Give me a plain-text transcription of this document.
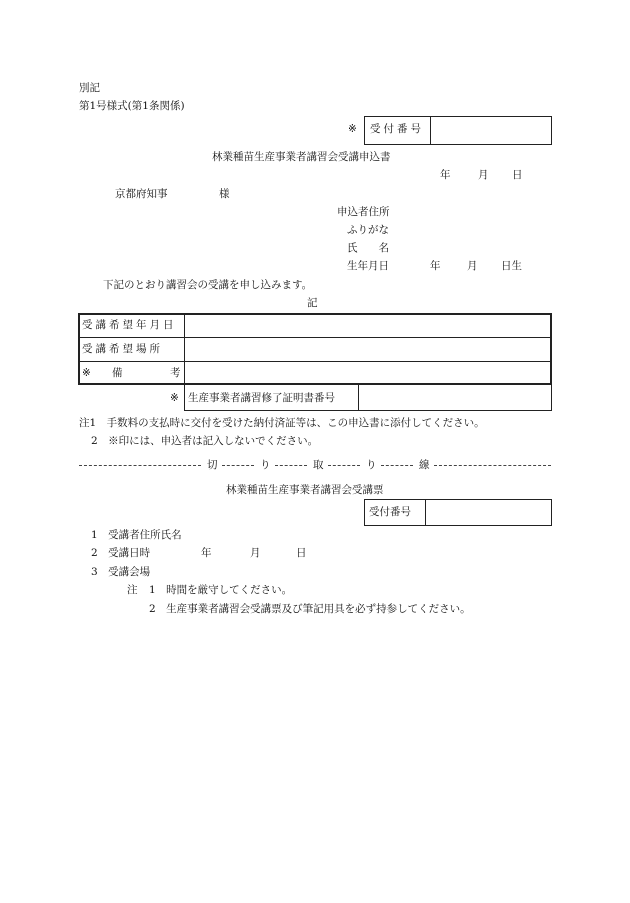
別記
第1号様式(第1条関係)
※ 受付番号
林業種苗生産事業者講習会受講申込書
年	月 日
京都府知事	様
申込者住所
ふりがな
氏　　名
生年月日	年	月 日生
下記のとおり講習会の受講を申し込みます。
記
受講希望年月日
受講希望場所
※ 備	考
※ 生産事業者講習修了証明書番号
注1　手数料の支払時に交付を受けた納付済証等は、この申込書に添付してください。
2　※印には、申込者は記入しないでください。
切	り	取	り	線
林業種苗生産事業者講習会受講票
受付番号
1　受講者住所氏名
2　受講日時	年	月	日
3　受講会場
注 1　時間を厳守してください。
2　生産事業者講習会受講票及び筆記用具を必ず持参してください。
